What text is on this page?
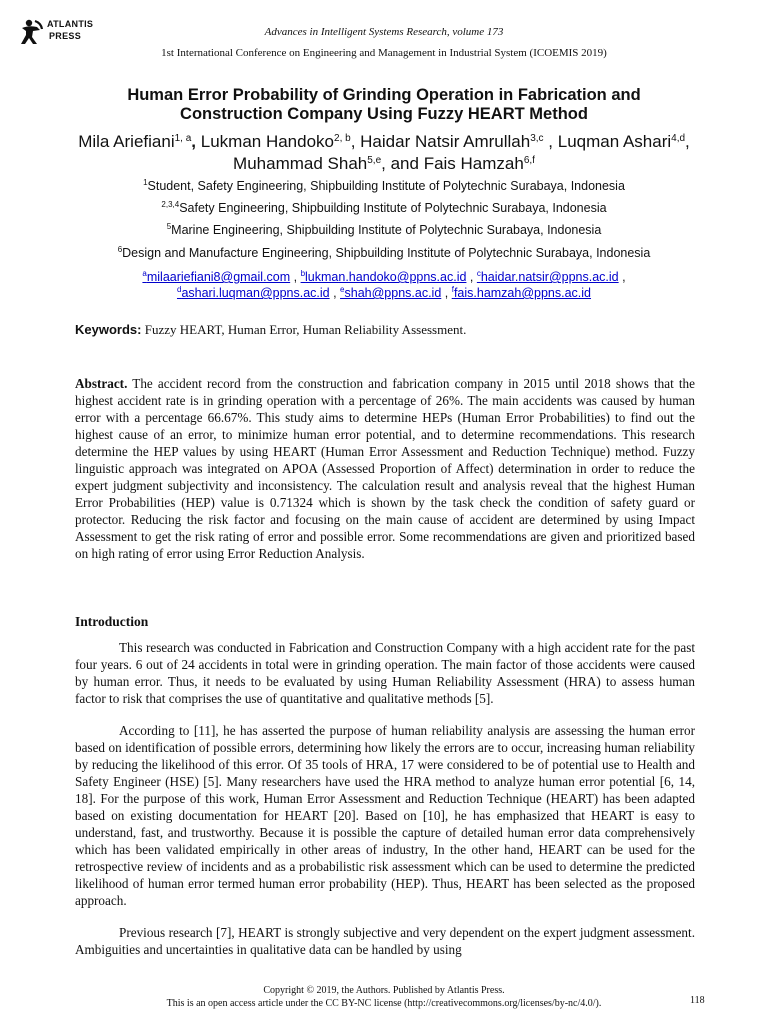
ATLANTIS
PRESS	Advances in Intelligent Systems Research, volume 173
1st International Conference on Engineering and Management in Industrial System (ICOEMIS 2019)
Human Error Probability of Grinding Operation in Fabrication and
Construction Company Using Fuzzy HEART Method
Mila Ariefiani$^{1, a}$, Lukman Handoko$^{2, b}$, Haidar Natsir Amrullah$^{3,c}$ , Luqman Ashari$^{4,d}$, Muhammad Shah$^{5,e}$, and Fais Hamzah$^{6,f}$
$^1$Student, Safety Engineering, Shipbuilding Institute of Polytechnic Surabaya, Indonesia
$^{2,3,4}$Safety Engineering, Shipbuilding Institute of Polytechnic Surabaya, Indonesia
$^5$Marine Engineering, Shipbuilding Institute of Polytechnic Surabaya, Indonesia
$^6$Design and Manufacture Engineering, Shipbuilding Institute of Polytechnic Surabaya, Indonesia
$^a$milaariefiani8@gmail.com , $^b$lukman.handoko@ppns.ac.id , $^c$haidar.natsir@ppns.ac.id ,
$^d$ashari.luqman@ppns.ac.id , $^e$shah@ppns.ac.id , $^f$fais.hamzah@ppns.ac.id
Keywords: Fuzzy HEART, Human Error, Human Reliability Assessment.
Abstract. The accident record from the construction and fabrication company in 2015 until 2018 shows that the highest accident rate is in grinding operation with a percentage of 26%. The main accidents was caused by human error with a percentage 66.67%. This study aims to determine HEPs (Human Error Probabilities) to find out the highest cause of an error, to minimize human error potential, and to determine recommendations. This research determine the HEP values by using HEART (Human Error Assessment and Reduction Technique) method. Fuzzy linguistic approach was integrated on APOA (Assessed Proportion of Affect) determination in order to reduce the expert judgment subjectivity and inconsistency. The calculation result and analysis reveal that the highest Human Error Probabilities (HEP) value is 0.71324 which is shown by the task check the condition of safety guard or protector. Reducing the risk factor and focusing on the main cause of accident are determined by using Impact Assessment to get the risk rating of error and possible error. Some recommendations are given and prioritized based on high rating of error using Error Reduction Analysis.
Introduction
This research was conducted in Fabrication and Construction Company with a high accident rate for the past four years. 6 out of 24 accidents in total were in grinding operation. The main factor of those accidents were caused by human error. Thus, it needs to be evaluated by using Human Reliability Assessment (HRA) to assess human factor to risk that comprises the use of quantitative and qualitative methods [5].
According to [11], he has asserted the purpose of human reliability analysis are assessing the human error based on identification of possible errors, determining how likely the errors are to occur, increasing human reliability by reducing the likelihood of this error. Of 35 tools of HRA, 17 were considered to be of potential use to Health and Safety Engineer (HSE) [5]. Many researchers have used the HRA method to analyze human error potential [6, 14, 18]. For the purpose of this work, Human Error Assessment and Reduction Technique (HEART) has been adapted based on existing documentation for HEART [20]. Based on [10], he has emphasized that HEART is easy to understand, fast, and trustworthy. Because it is possible the capture of detailed human error data comprehensively which has been validated empirically in other areas of industry, In the other hand, HEART can be used for the retrospective review of incidents and as a probabilistic risk assessment which can be used to determine the predicted likelihood of human error termed human error probability (HEP). Thus, HEART has been selected as the proposed approach.
Previous research [7], HEART is strongly subjective and very dependent on the expert judgment assessment. Ambiguities and uncertainties in qualitative data can be handled by using
Copyright © 2019, the Authors. Published by Atlantis Press.
This is an open access article under the CC BY-NC license (http://creativecommons.org/licenses/by-nc/4.0/).	118
